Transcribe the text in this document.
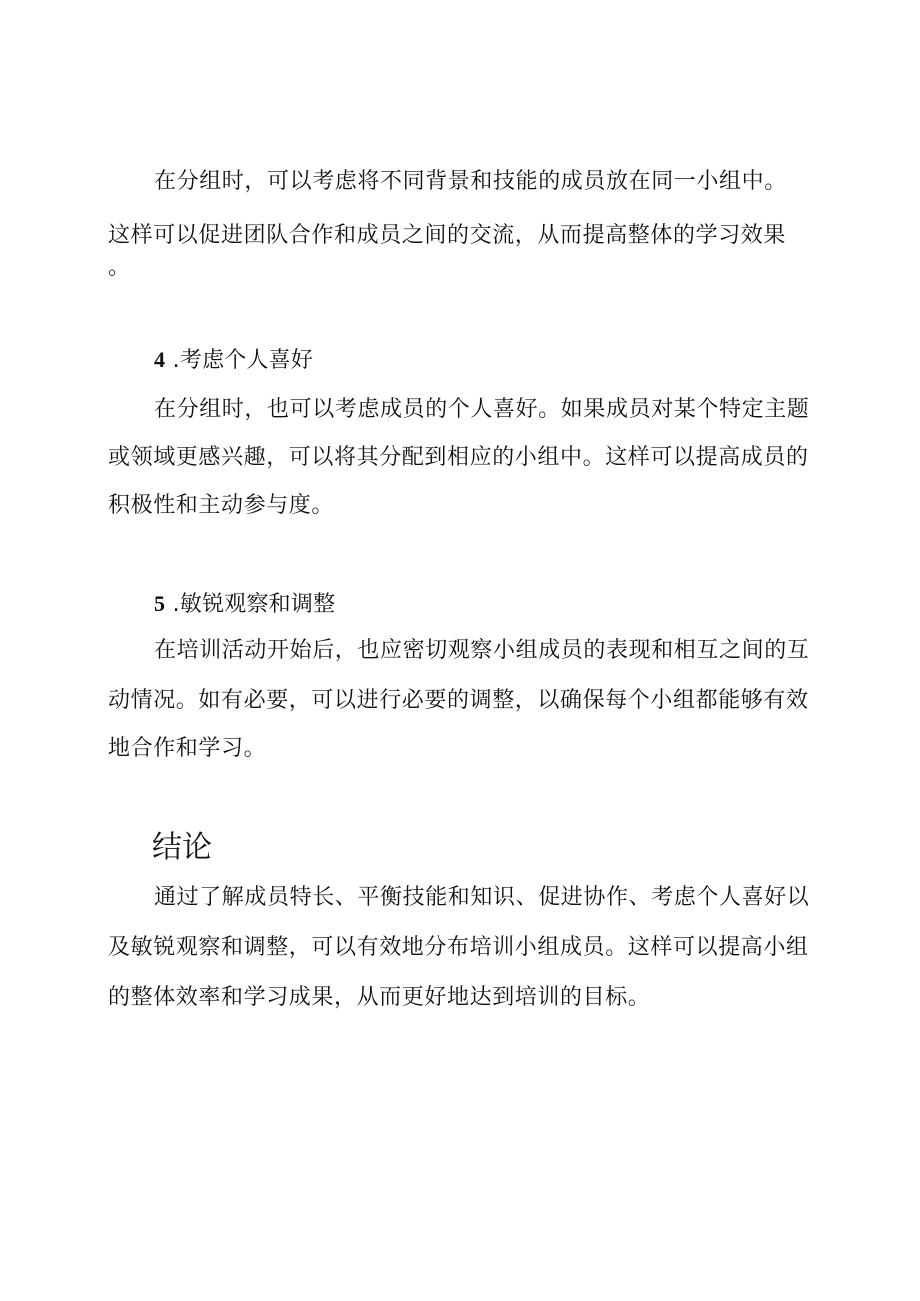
在分组时，可以考虑将不同背景和技能的成员放在同一小组中。

这样可以促进团队合作和成员之间的交流，从而提高整体的学习效果

。

4 .考虑个人喜好

在分组时，也可以考虑成员的个人喜好。如果成员对某个特定主题

或领域更感兴趣，可以将其分配到相应的小组中。这样可以提高成员的

积极性和主动参与度。

5 .敏锐观察和调整

在培训活动开始后，也应密切观察小组成员的表现和相互之间的互

动情况。如有必要，可以进行必要的调整，以确保每个小组都能够有效

地合作和学习。

结论

通过了解成员特长、平衡技能和知识、促进协作、考虑个人喜好以

及敏锐观察和调整，可以有效地分布培训小组成员。这样可以提高小组

的整体效率和学习成果，从而更好地达到培训的目标。
